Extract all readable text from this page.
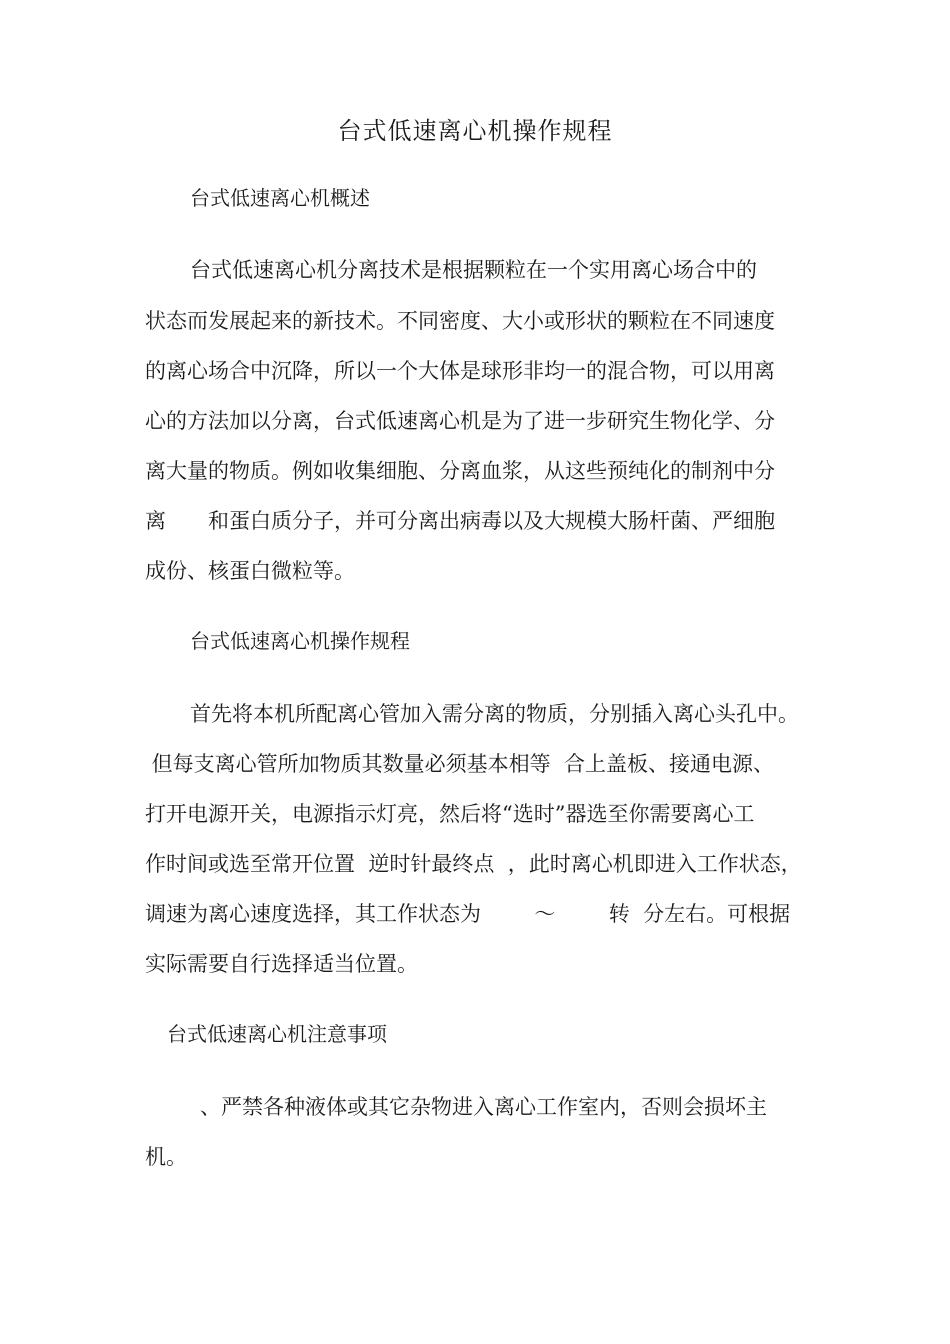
台式低速离心机操作规程
台式低速离心机概述
台式低速离心机分离技术是根据颗粒在一个实用离心场合中的
状态而发展起来的新技术。不同密度、大小或形状的颗粒在不同速度
的离心场合中沉降，所以一个大体是球形非均一的混合物，可以用离
心的方法加以分离，台式低速离心机是为了进一步研究生物化学、分
离大量的物质。例如收集细胞、分离血浆，从这些预纯化的制剂中分
离　　和蛋白质分子，并可分离出病毒以及大规模大肠杆菌、严细胞
成份、核蛋白微粒等。
台式低速离心机操作规程
首先将本机所配离心管加入需分离的物质，分别插入离心头孔中。
但每支离心管所加物质其数量必须基本相等  合上盖板、接通电源、
打开电源开关，电源指示灯亮，然后将“选时”器选至你需要离心工
作时间或选至常开位置  逆时针最终点  ，此时离心机即进入工作状态，
调速为离心速度选择，其工作状态为        ～        转  分左右。可根据
实际需要自行选择适当位置。
台式低速离心机注意事项
、严禁各种液体或其它杂物进入离心工作室内，否则会损坏主
机。
